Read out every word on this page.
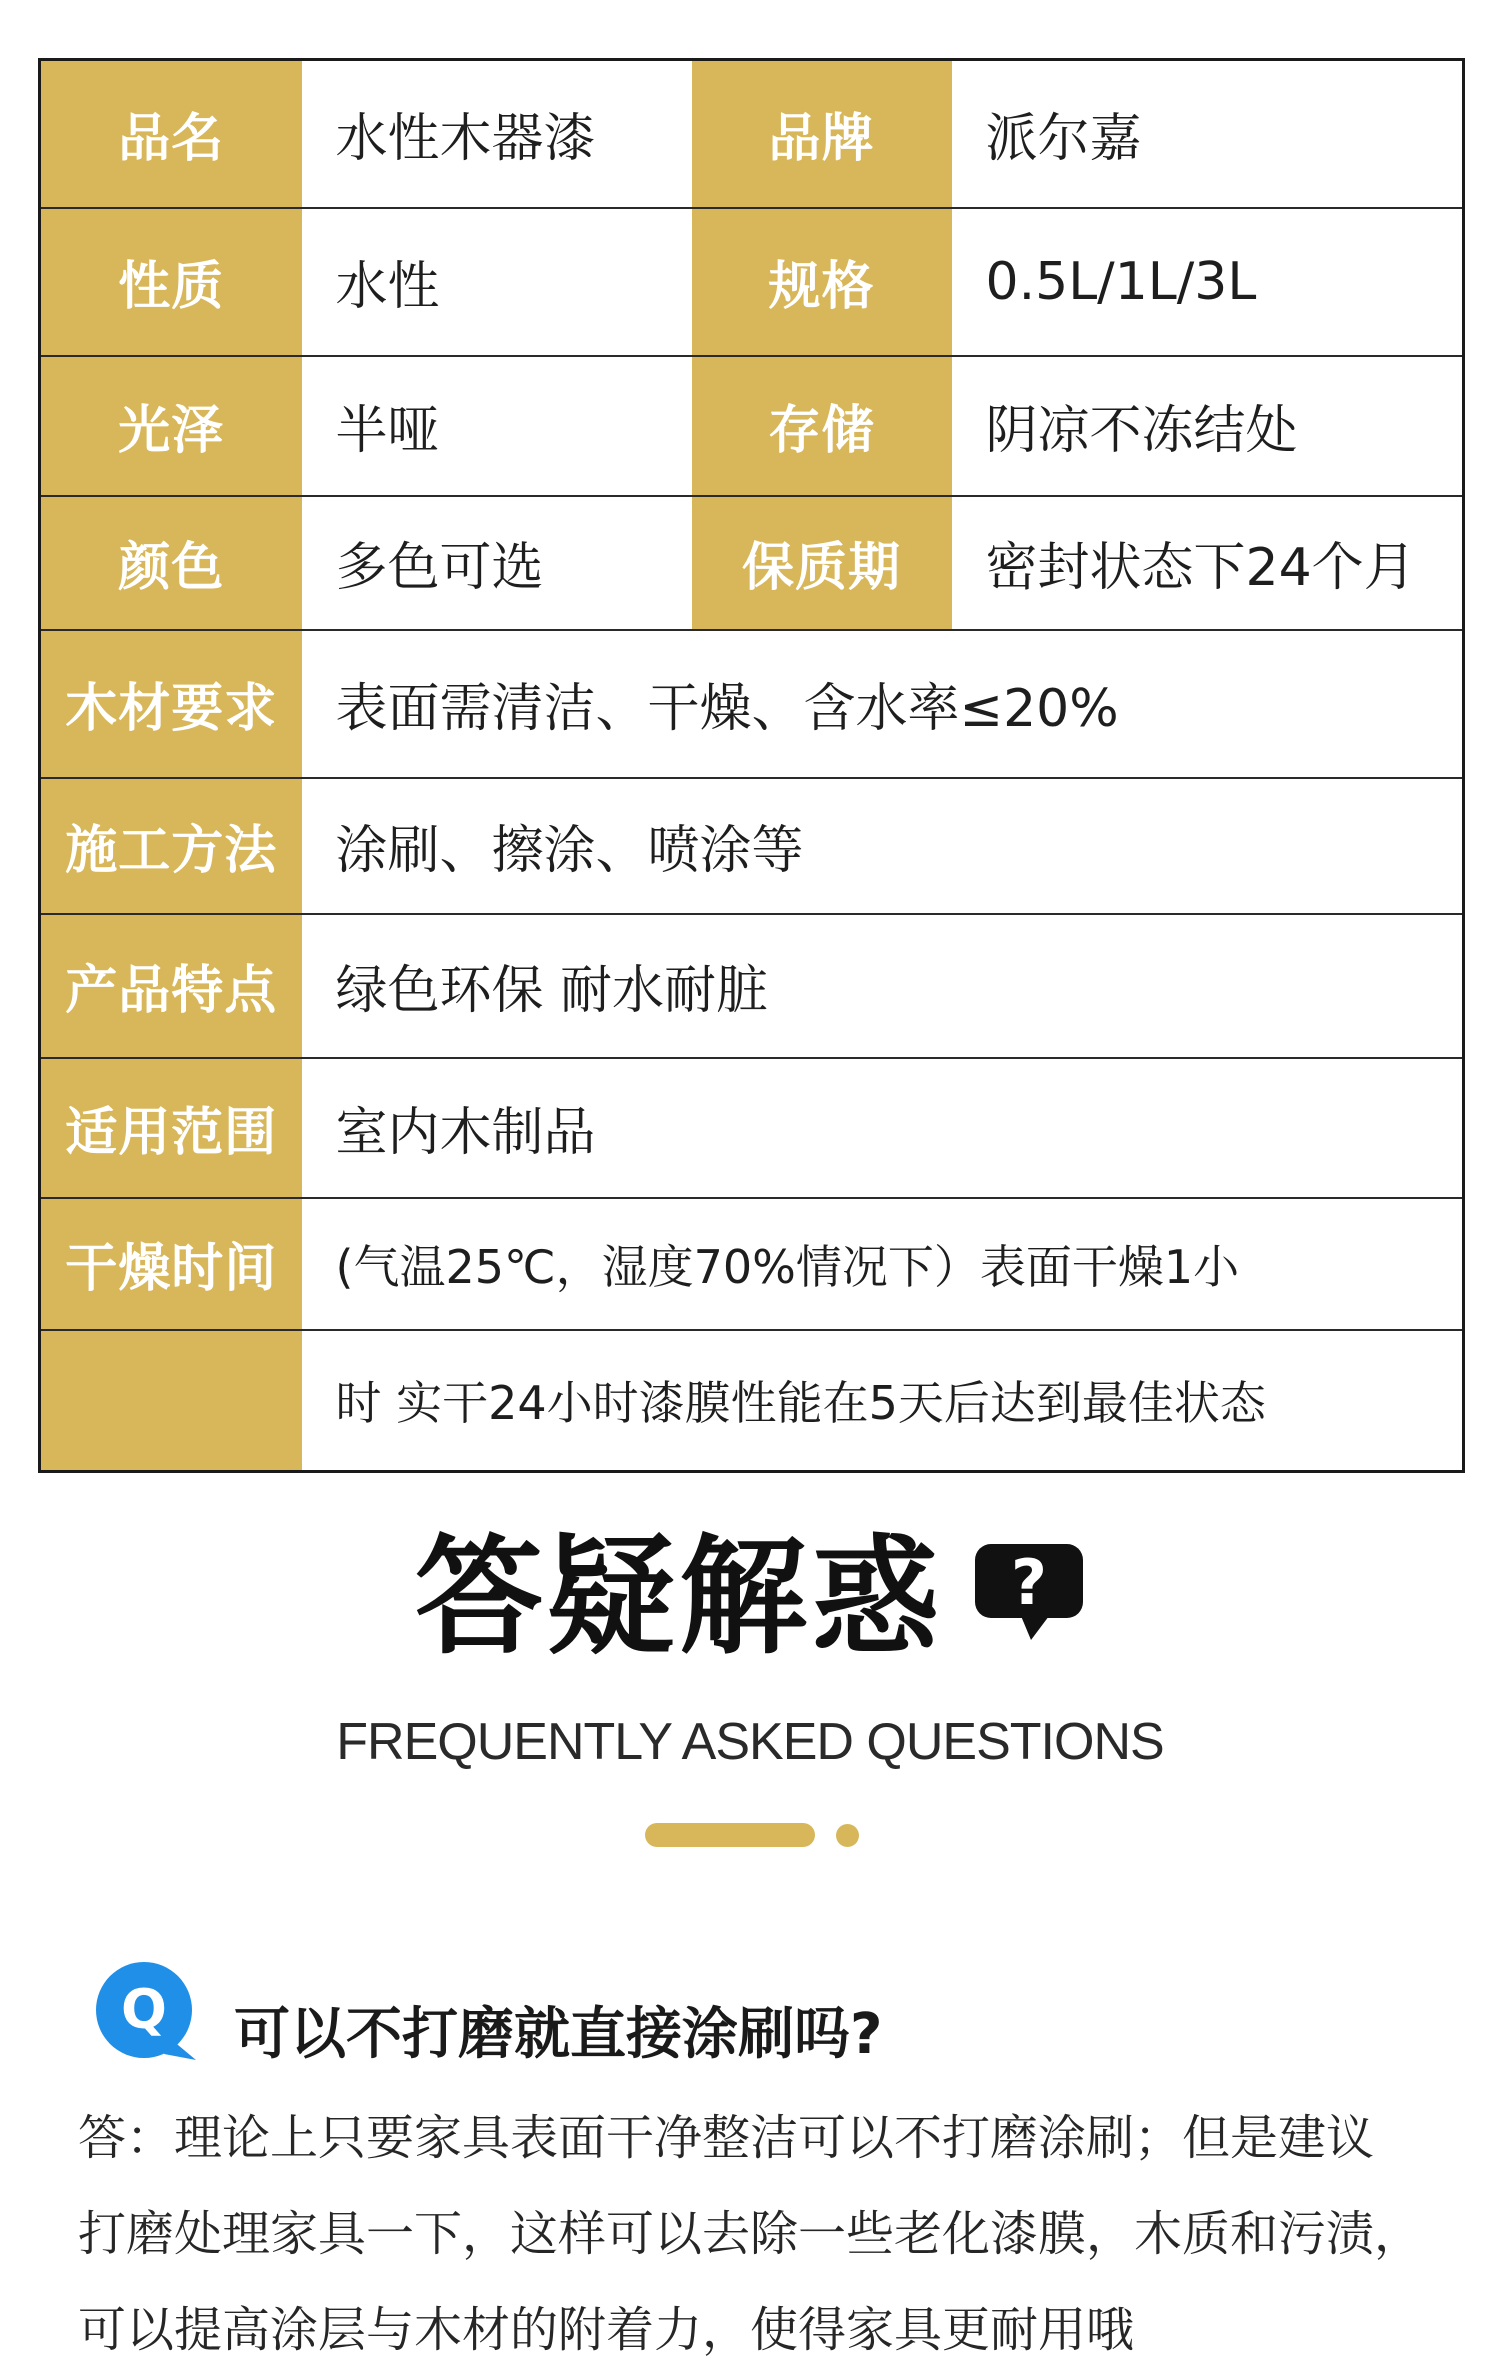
品名	水性木器漆	品牌	派尔嘉
性质	水性	规格	0.5L/1L/3L
光泽	半哑	存储	阴凉不冻结处
颜色	多色可选	保质期	密封状态下24个月
木材要求	表面需清洁、干燥、含水率≤20%		
施工方法	涂刷、擦涂、喷涂等		
产品特点	绿色环保 耐水耐脏		
适用范围	室内木制品		
干燥时间	(气温25℃，湿度70%情况下）表面干燥1小		
	时 实干24小时漆膜性能在5天后达到最佳状态		
答疑解惑 ?
FREQUENTLY ASKED QUESTIONS
Q 可以不打磨就直接涂刷吗?
答：理论上只要家具表面干净整洁可以不打磨涂刷；但是建议
打磨处理家具一下，这样可以去除一些老化漆膜，木质和污渍，
可以提高涂层与木材的附着力，使得家具更耐用哦
